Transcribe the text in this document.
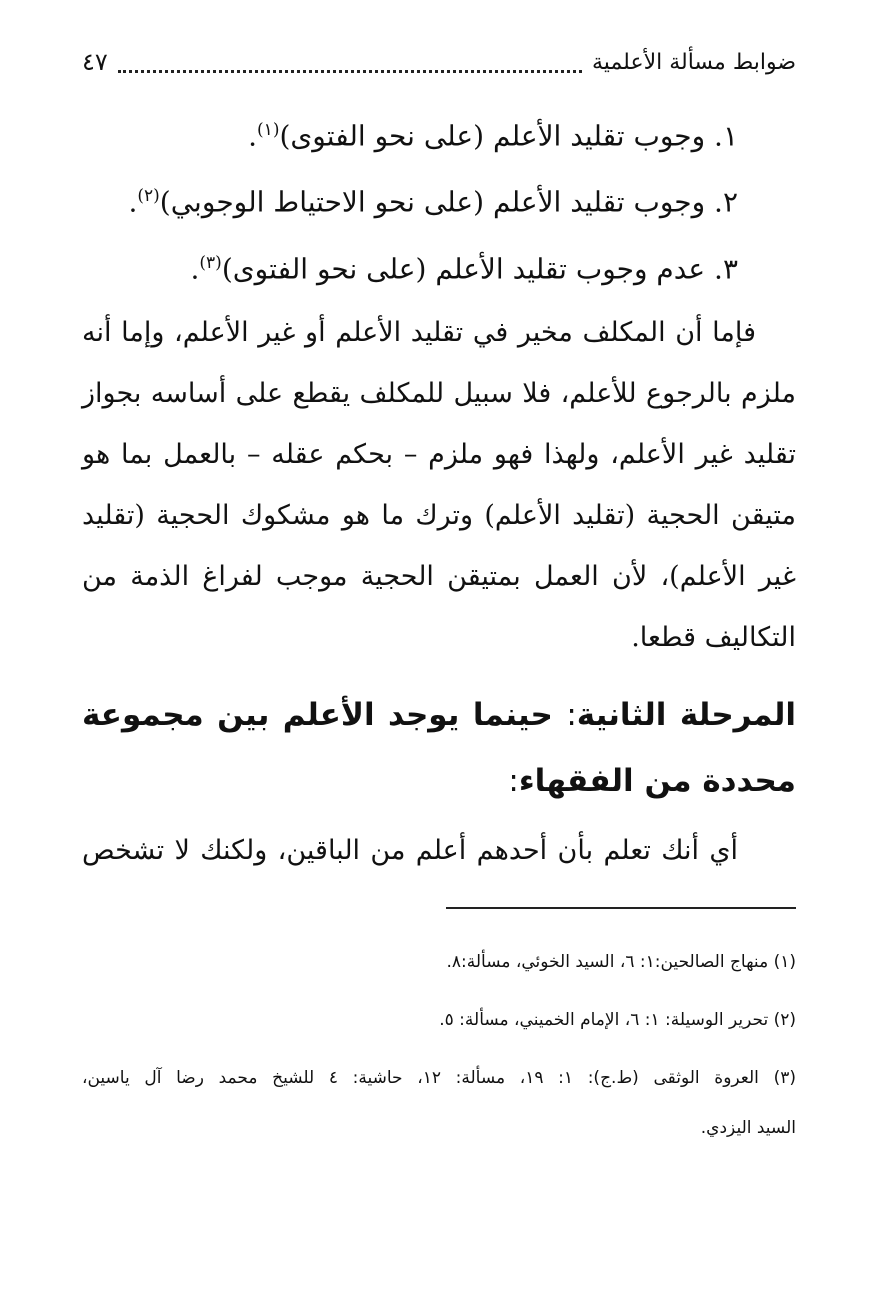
ضوابط مسألة الأعلمية
٤٧
١. وجوب تقليد الأعلم (على نحو الفتوى)$^{(١)}$.
٢. وجوب تقليد الأعلم (على نحو الاحتياط الوجوبي)$^{(٢)}$.
٣. عدم وجوب تقليد الأعلم (على نحو الفتوى)$^{(٣)}$.
فإما أن المكلف مخير في تقليد الأعلم أو غير الأعلم، وإما أنه
ملزم بالرجوع للأعلم، فلا سبيل للمكلف يقطع على أساسه بجواز
تقليد غير الأعلم، ولهذا فهو ملزم – بحكم عقله – بالعمل بما هو
متيقن الحجية (تقليد الأعلم) وترك ما هو مشكوك الحجية (تقليد
غير الأعلم)، لأن العمل بمتيقن الحجية موجب لفراغ الذمة من
التكاليف قطعا.
المرحلة الثانية: حينما يوجد الأعلم بين مجموعة
محددة من الفقهاء:
أي أنك تعلم بأن أحدهم أعلم من الباقين، ولكنك لا تشخص
(١) منهاج الصالحين:١: ٦، السيد الخوئي، مسألة:٨.
(٢) تحرير الوسيلة: ١: ٦، الإمام الخميني، مسألة: ٥.
(٣) العروة الوثقى (ط.ج): ١: ١٩، مسألة: ١٢، حاشية: ٤ للشيخ محمد رضا آل ياسين،
السيد اليزدي.
